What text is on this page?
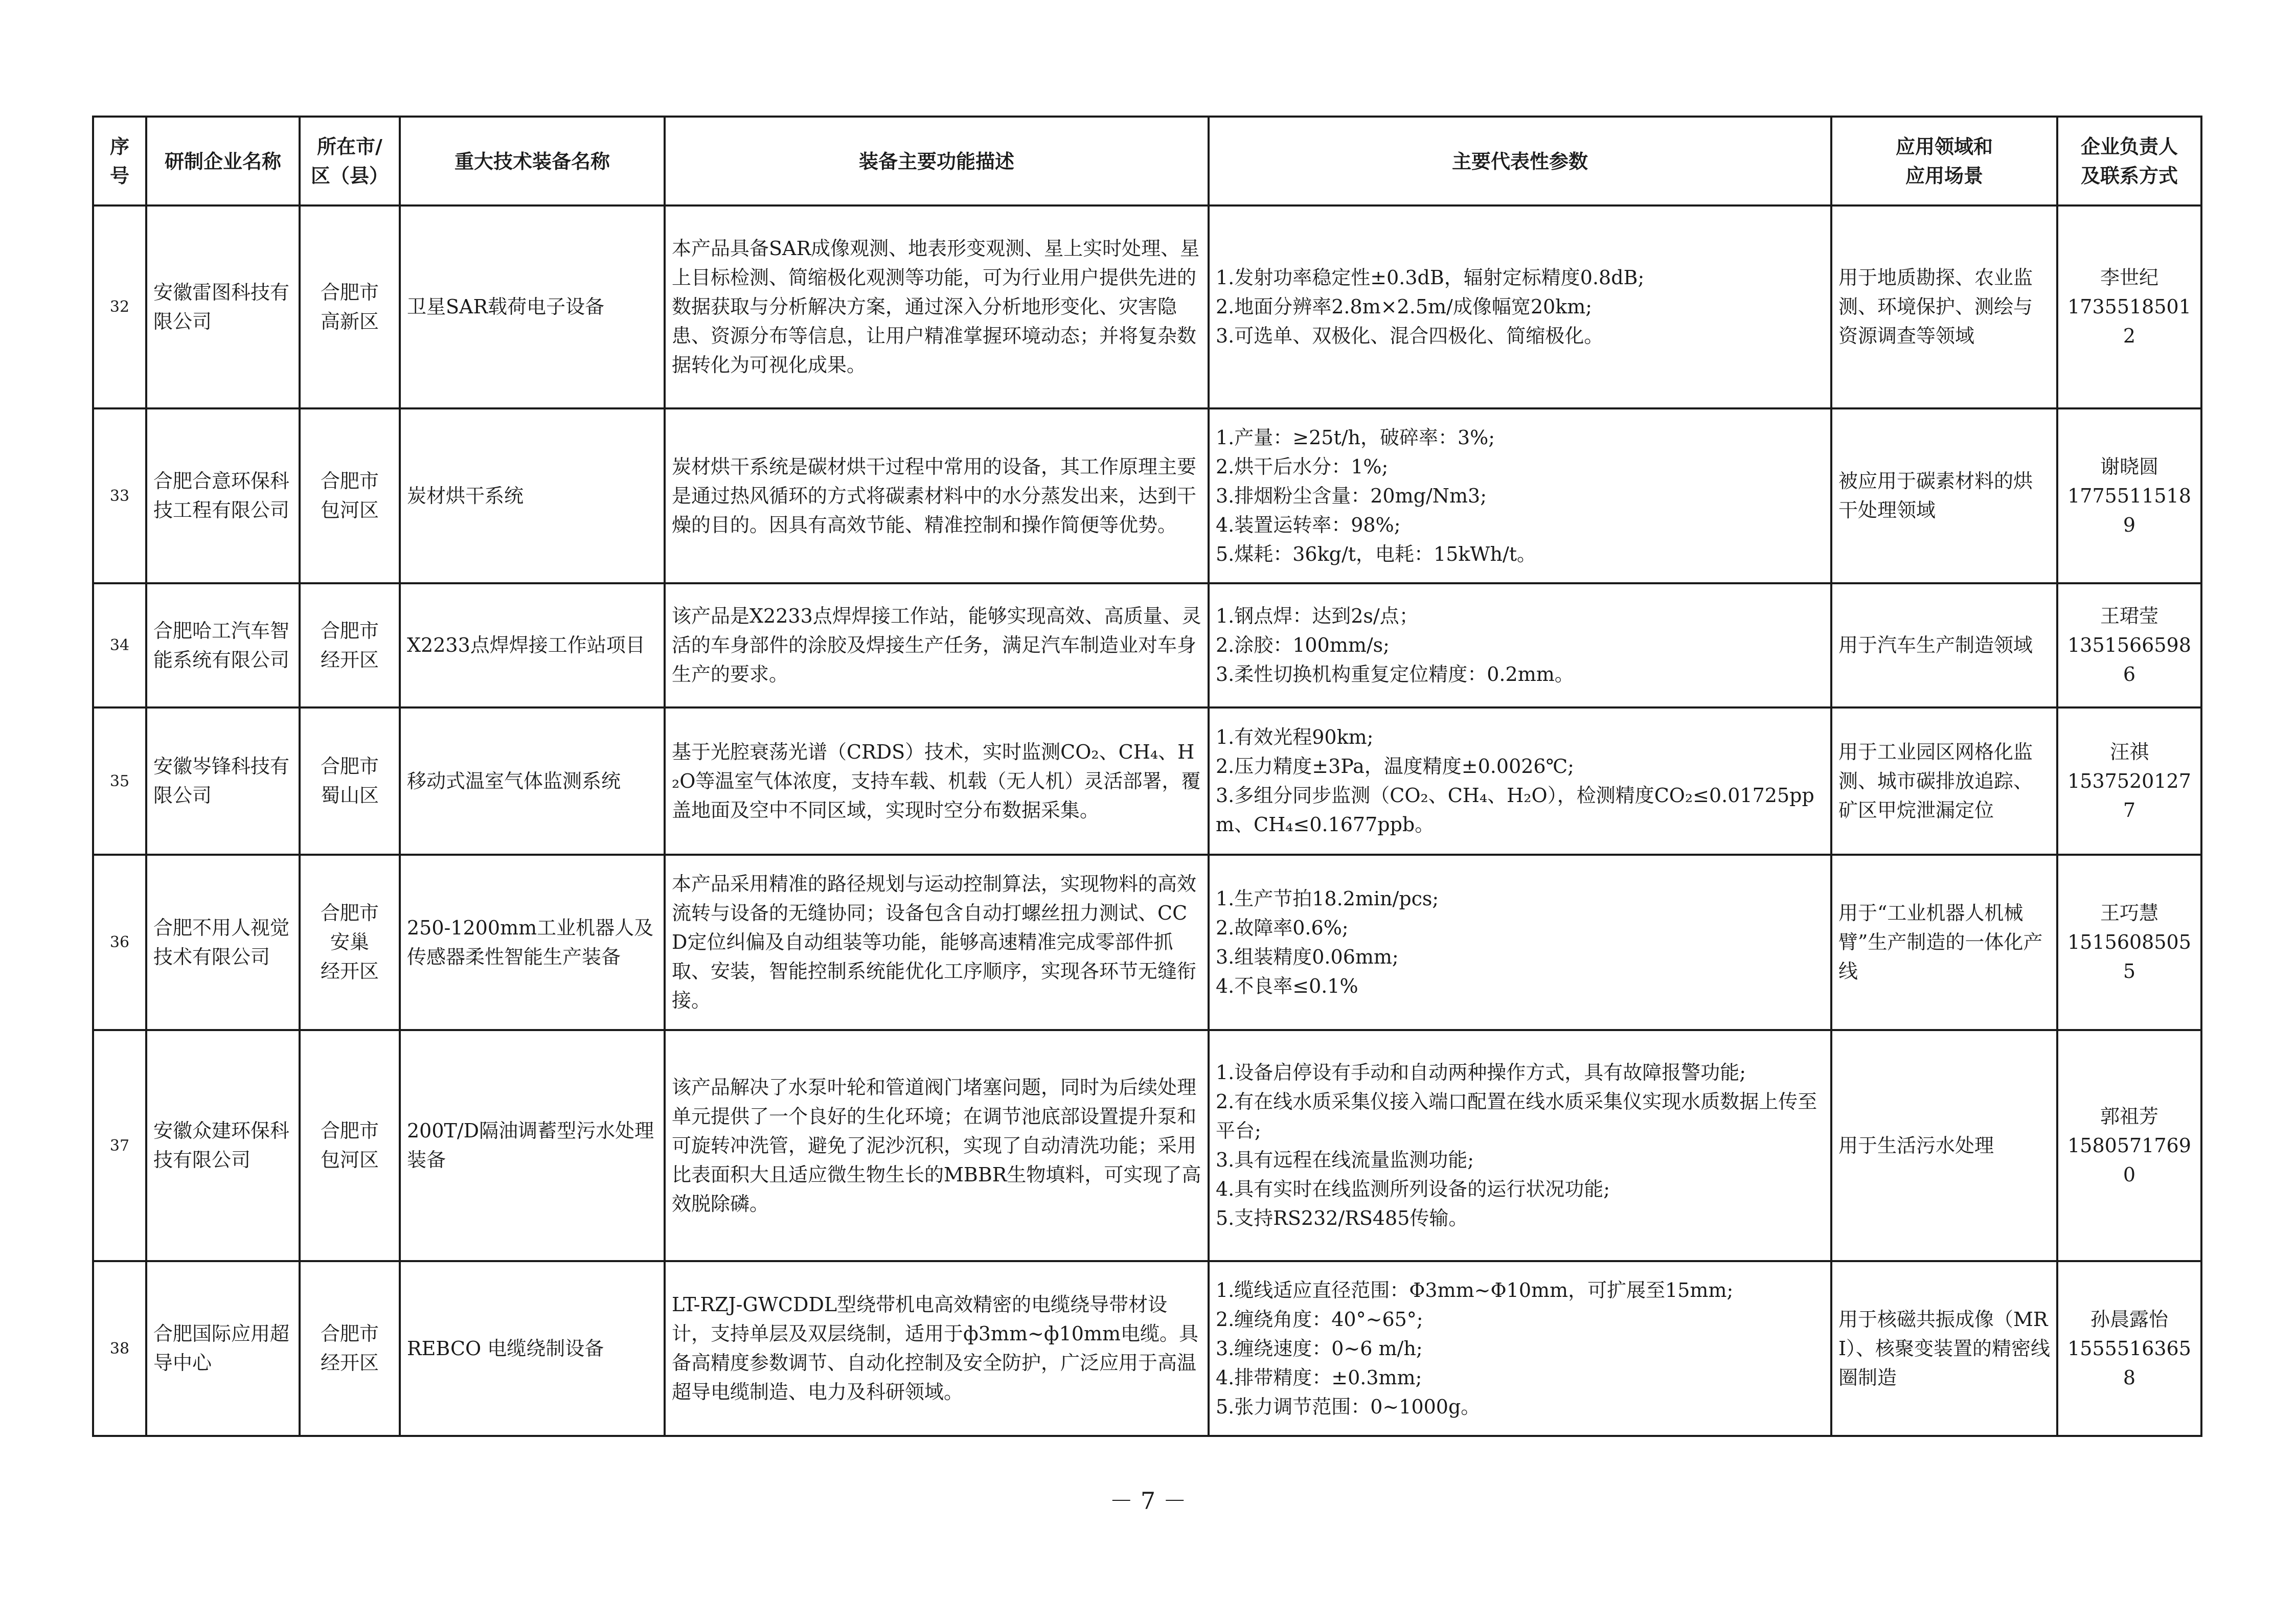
序
号	研制企业名称	所在市/
区（县）	重大技术装备名称	装备主要功能描述	主要代表性参数	应用领域和
应用场景	企业负责人
及联系方式

32	安徽雷图科技有限公司	合肥市
高新区	卫星SAR载荷电子设备	本产品具备SAR成像观测、地表形变观测、星上实时处理、星上目标检测、简缩极化观测等功能，可为行业用户提供先进的数据获取与分析解决方案，通过深入分析地形变化、灾害隐患、资源分布等信息，让用户精准掌握环境动态；并将复杂数据转化为可视化成果。	1.发射功率稳定性±0.3dB，辐射定标精度0.8dB;
2.地面分辨率2.8m×2.5m/成像幅宽20km;
3.可选单、双极化、混合四极化、简缩极化。	用于地质勘探、农业监测、环境保护、测绘与资源调查等领域	李世纪
17355185012

33	合肥合意环保科技工程有限公司	合肥市
包河区	炭材烘干系统	炭材烘干系统是碳材烘干过程中常用的设备，其工作原理主要是通过热风循环的方式将碳素材料中的水分蒸发出来，达到干燥的目的。因具有高效节能、精准控制和操作简便等优势。	1.产量：≥25t/h，破碎率：3%;
2.烘干后水分：1%;
3.排烟粉尘含量：20mg/Nm3;
4.装置运转率：98%;
5.煤耗：36kg/t，电耗：15kWh/t。	被应用于碳素材料的烘干处理领域	谢晓圆
17755115189

34	合肥哈工汽车智能系统有限公司	合肥市
经开区	X2233点焊焊接工作站项目	该产品是X2233点焊焊接工作站，能够实现高效、高质量、灵活的车身部件的涂胶及焊接生产任务，满足汽车制造业对车身生产的要求。	1.钢点焊：达到2s/点；
2.涂胶：100mm/s;
3.柔性切换机构重复定位精度：0.2mm。	用于汽车生产制造领域	王珺莹
13515665986

35	安徽岑锋科技有限公司	合肥市
蜀山区	移动式温室气体监测系统	基于光腔衰荡光谱（CRDS）技术，实时监测CO₂、CH₄、H₂O等温室气体浓度，支持车载、机载（无人机）灵活部署，覆盖地面及空中不同区域，实现时空分布数据采集。	1.有效光程90km;
2.压力精度±3Pa，温度精度±0.0026℃;
3.多组分同步监测（CO₂、CH₄、H₂O），检测精度CO₂≤0.01725ppm、CH₄≤0.1677ppb。	用于工业园区网格化监测、城市碳排放追踪、矿区甲烷泄漏定位	汪祺
15375201277

36	合肥不用人视觉技术有限公司	合肥市
安巢
经开区	250-1200mm工业机器人及传感器柔性智能生产装备	本产品采用精准的路径规划与运动控制算法，实现物料的高效流转与设备的无缝协同；设备包含自动打螺丝扭力测试、CCD定位纠偏及自动组装等功能，能够高速精准完成零部件抓取、安装，智能控制系统能优化工序顺序，实现各环节无缝衔接。	1.生产节拍18.2min/pcs;
2.故障率0.6%;
3.组装精度0.06mm;
4.不良率≤0.1%	用于“工业机器人机械臂”生产制造的一体化产线	王巧慧
15156085055

37	安徽众建环保科技有限公司	合肥市
包河区	200T/D隔油调蓄型污水处理装备	该产品解决了水泵叶轮和管道阀门堵塞问题，同时为后续处理单元提供了一个良好的生化环境；在调节池底部设置提升泵和可旋转冲洗管，避免了泥沙沉积，实现了自动清洗功能；采用比表面积大且适应微生物生长的MBBR生物填料，可实现了高效脱除磷。	1.设备启停设有手动和自动两种操作方式，具有故障报警功能;
2.有在线水质采集仪接入端口配置在线水质采集仪实现水质数据上传至平台;
3.具有远程在线流量监测功能;
4.具有实时在线监测所列设备的运行状况功能;
5.支持RS232/RS485传输。	用于生活污水处理	郭祖芳
15805717690

38	合肥国际应用超导中心	合肥市
经开区	REBCO 电缆绕制设备	LT-RZJ-GWCDDL型绕带机电高效精密的电缆绕导带材设计，支持单层及双层绕制，适用于ф3mm~ф10mm电缆。具备高精度参数调节、自动化控制及安全防护，广泛应用于高温超导电缆制造、电力及科研领域。	1.缆线适应直径范围：Φ3mm~Φ10mm，可扩展至15mm;
2.缠绕角度：40°~65°;
3.缠绕速度：0~6 m/h;
4.排带精度：±0.3mm;
5.张力调节范围：0~1000g。	用于核磁共振成像（MRI）、核聚变装置的精密线圈制造	孙晨露怡
15555163658
－ 7 －
